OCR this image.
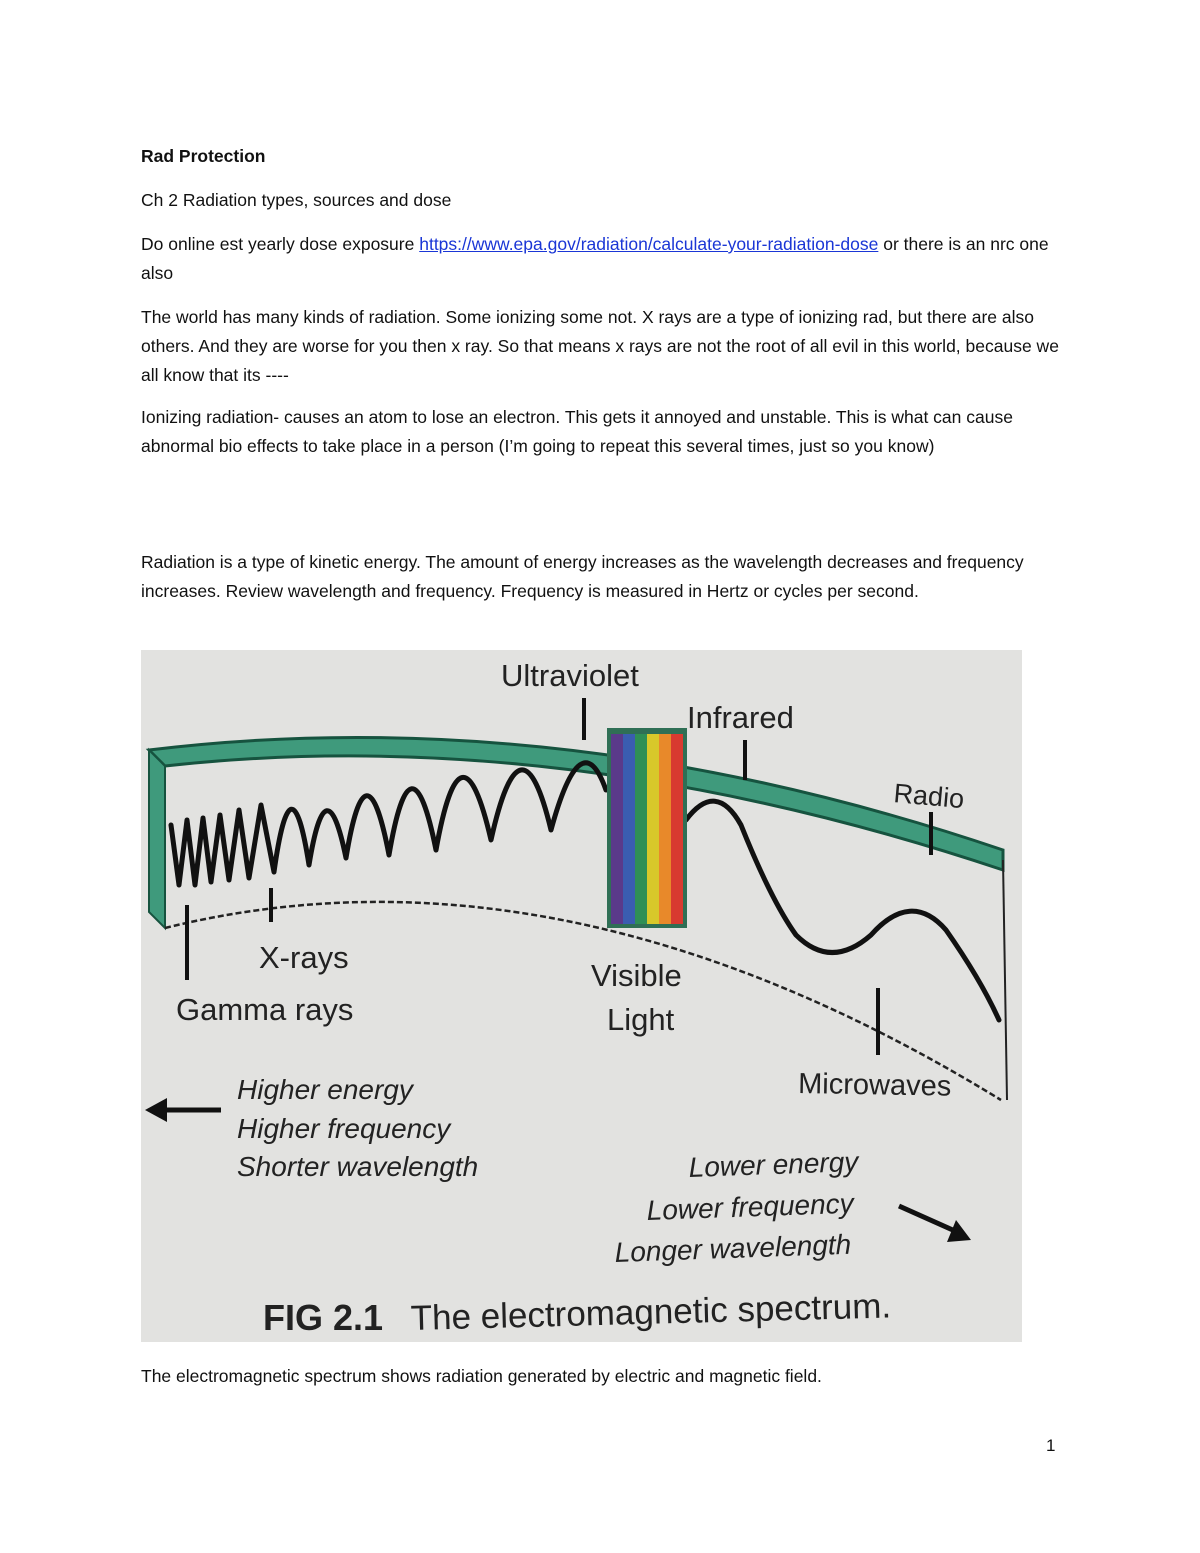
Rad Protection

Ch 2 Radiation types, sources and dose

Do online est yearly dose exposure https://www.epa.gov/radiation/calculate-your-radiation-dose or there is an nrc one also

The world has many kinds of radiation. Some ionizing some not. X rays are a type of ionizing rad, but there are also others. And they are worse for you then x ray. So that means x rays are not the root of all evil in this world, because we all know that its ----

Ionizing radiation- causes an atom to lose an electron. This gets it annoyed and unstable. This is what can cause abnormal bio effects to take place in a person (I’m going to repeat this several times, just so you know)

Radiation is a type of kinetic energy. The amount of energy increases as the wavelength decreases and frequency increases. Review wavelength and frequency. Frequency is measured in Hertz or cycles per second.

Ultraviolet
Infrared
Radio
X-rays
Gamma rays
Visible
Light
Microwaves
Higher energy
Higher frequency
Shorter wavelength	Lower energy
Lower frequency
Longer wavelength
FIG 2.1 The electromagnetic spectrum.

The electromagnetic spectrum shows radiation generated by electric and magnetic field.

1
